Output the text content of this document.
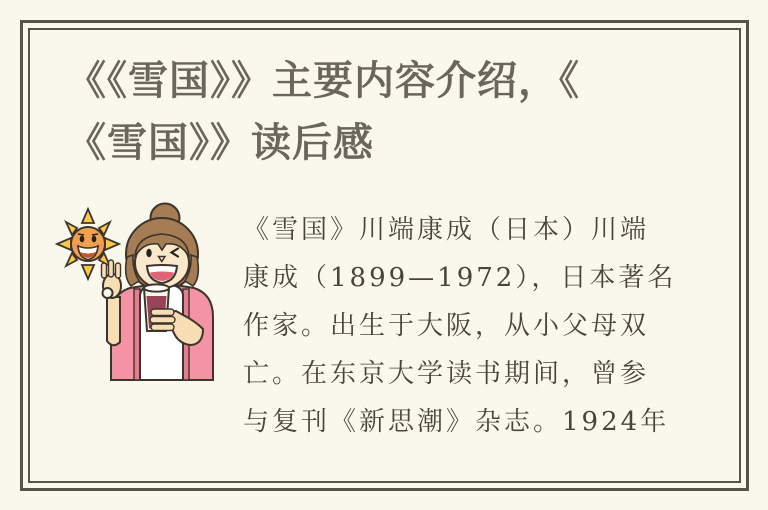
《《雪国》》主要内容介绍，《
《雪国》》读后感
《雪国》川端康成（日本）川端
康成（1899—1972），日本著名
作家。出生于大阪，从小父母双
亡。在东京大学读书期间，曾参
与复刊《新思潮》杂志。1924年
